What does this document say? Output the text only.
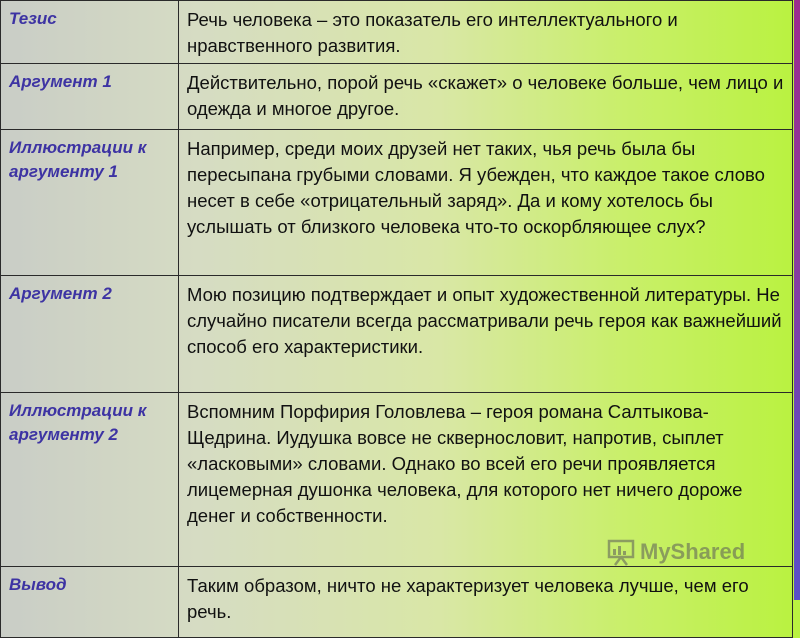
Тезис	Речь человека – это показатель его интеллектуального и нравственного развития.
Аргумент 1	Действительно, порой речь «скажет» о человеке больше, чем лицо и одежда и многое другое.
Иллюстрации к аргументу 1	Например, среди моих друзей нет таких, чья речь была бы пересыпана грубыми словами. Я убежден, что каждое такое слово несет в себе «отрицательный заряд». Да и кому хотелось бы услышать от близкого человека что-то оскорбляющее слух?
Аргумент 2	Мою позицию подтверждает и опыт художественной литературы. Не случайно писатели всегда рассматривали речь героя как важнейший способ его характеристики.
Иллюстрации к аргументу 2	Вспомним Порфирия Головлева – героя романа Салтыкова-Щедрина. Иудушка вовсе не сквернословит, напротив, сыплет «ласковыми» словами. Однако во всей его речи проявляется лицемерная душонка человека, для которого нет ничего дороже денег и собственности.
Вывод	Таким образом, ничто не характеризует человека лучше, чем его речь.
MyShared
